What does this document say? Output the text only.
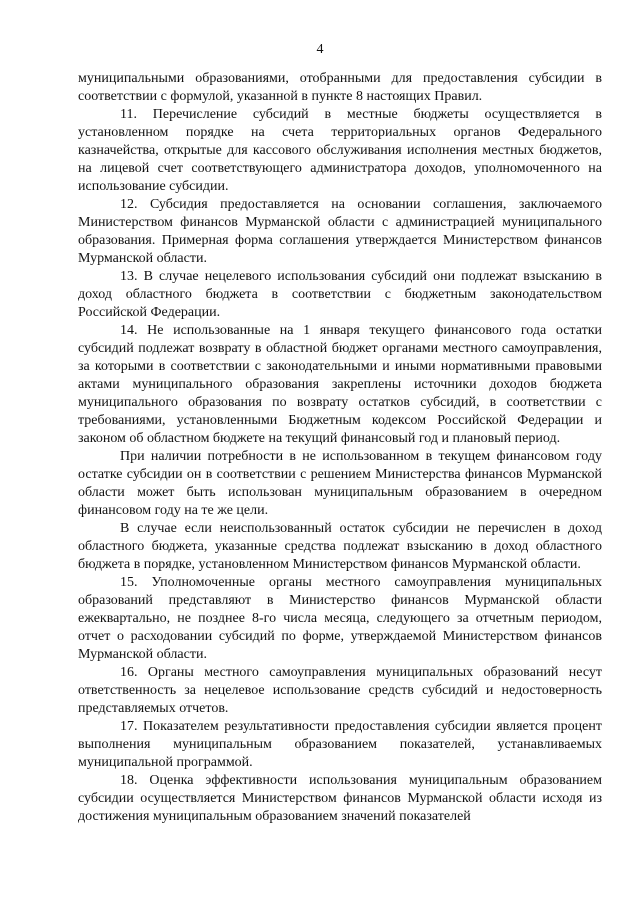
4

муниципальными образованиями, отобранными для предоставления субсидии в соответствии с формулой, указанной в пункте 8 настоящих Правил.

11. Перечисление субсидий в местные бюджеты осуществляется в установленном порядке на счета территориальных органов Федерального казначейства, открытые для кассового обслуживания исполнения местных бюджетов, на лицевой счет соответствующего администратора доходов, уполномоченного на использование субсидии.

12. Субсидия предоставляется на основании соглашения, заключаемого Министерством финансов Мурманской области с администрацией муниципального образования. Примерная форма соглашения утверждается Министерством финансов Мурманской области.

13. В случае нецелевого использования субсидий они подлежат взысканию в доход областного бюджета в соответствии с бюджетным законодательством Российской Федерации.

14. Не использованные на 1 января текущего финансового года остатки субсидий подлежат возврату в областной бюджет органами местного самоуправления, за которыми в соответствии с законодательными и иными нормативными правовыми актами муниципального образования закреплены источники доходов бюджета муниципального образования по возврату остатков субсидий, в соответствии с требованиями, установленными Бюджетным кодексом Российской Федерации и законом об областном бюджете на текущий финансовый год и плановый период.

При наличии потребности в не использованном в текущем финансовом году остатке субсидии он в соответствии с решением Министерства финансов Мурманской области может быть использован муниципальным образованием в очередном финансовом году на те же цели.

В случае если неиспользованный остаток субсидии не перечислен в доход областного бюджета, указанные средства подлежат взысканию в доход областного бюджета в порядке, установленном Министерством финансов Мурманской области.

15. Уполномоченные органы местного самоуправления муниципальных образований представляют в Министерство финансов Мурманской области ежеквартально, не позднее 8-го числа месяца, следующего за отчетным периодом, отчет о расходовании субсидий по форме, утверждаемой Министерством финансов Мурманской области.

16. Органы местного самоуправления муниципальных образований несут ответственность за нецелевое использование средств субсидий и недостоверность представляемых отчетов.

17. Показателем результативности предоставления субсидии является процент выполнения муниципальным образованием показателей, устанавливаемых муниципальной программой.

18. Оценка эффективности использования муниципальным образованием субсидии осуществляется Министерством финансов Мурманской области исходя из достижения муниципальным образованием значений показателей
